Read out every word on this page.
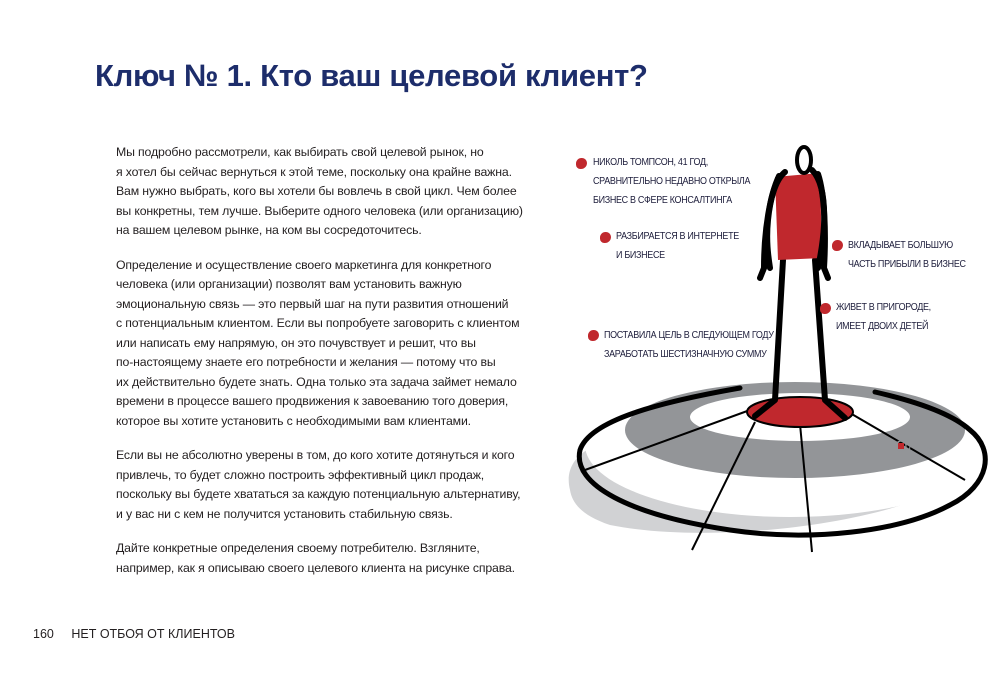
Ключ № 1. Кто ваш целевой клиент?

Мы подробно рассмотрели, как выбирать свой целевой рынок, но
я хотел бы сейчас вернуться к этой теме, поскольку она крайне важна.
Вам нужно выбрать, кого вы хотели бы вовлечь в свой цикл. Чем более
вы конкретны, тем лучше. Выберите одного человека (или организацию)
на вашем целевом рынке, на ком вы сосредоточитесь.

Определение и осуществление своего маркетинга для конкретного
человека (или организации) позволят вам установить важную
эмоциональную связь — это первый шаг на пути развития отношений
с потенциальным клиентом. Если вы попробуете заговорить с клиентом
или написать ему напрямую, он это почувствует и решит, что вы
по-настоящему знаете его потребности и желания — потому что вы
их действительно будете знать. Одна только эта задача займет немало
времени в процессе вашего продвижения к завоеванию того доверия,
которое вы хотите установить с необходимыми вам клиентами.

Если вы не абсолютно уверены в том, до кого хотите дотянуться и кого
привлечь, то будет сложно построить эффективный цикл продаж,
поскольку вы будете хвататься за каждую потенциальную альтернативу,
и у вас ни с кем не получится установить стабильную связь.

Дайте конкретные определения своему потребителю. Взгляните,
например, как я описываю своего целевого клиента на рисунке справа.

НИКОЛЬ ТОМПСОН, 41 ГОД,
СРАВНИТЕЛЬНО НЕДАВНО ОТКРЫЛА
БИЗНЕС В СФЕРЕ КОНСАЛТИНГА
РАЗБИРАЕТСЯ В ИНТЕРНЕТЕ
И БИЗНЕСЕ
ВКЛАДЫВАЕТ БОЛЬШУЮ
ЧАСТЬ ПРИБЫЛИ В БИЗНЕС
ЖИВЕТ В ПРИГОРОДЕ,
ИМЕЕТ ДВОИХ ДЕТЕЙ
ПОСТАВИЛА ЦЕЛЬ В СЛЕДУЮЩЕМ ГОДУ
ЗАРАБОТАТЬ ШЕСТИЗНАЧНУЮ СУММУ
160 НЕТ ОТБОЯ ОТ КЛИЕНТОВ
